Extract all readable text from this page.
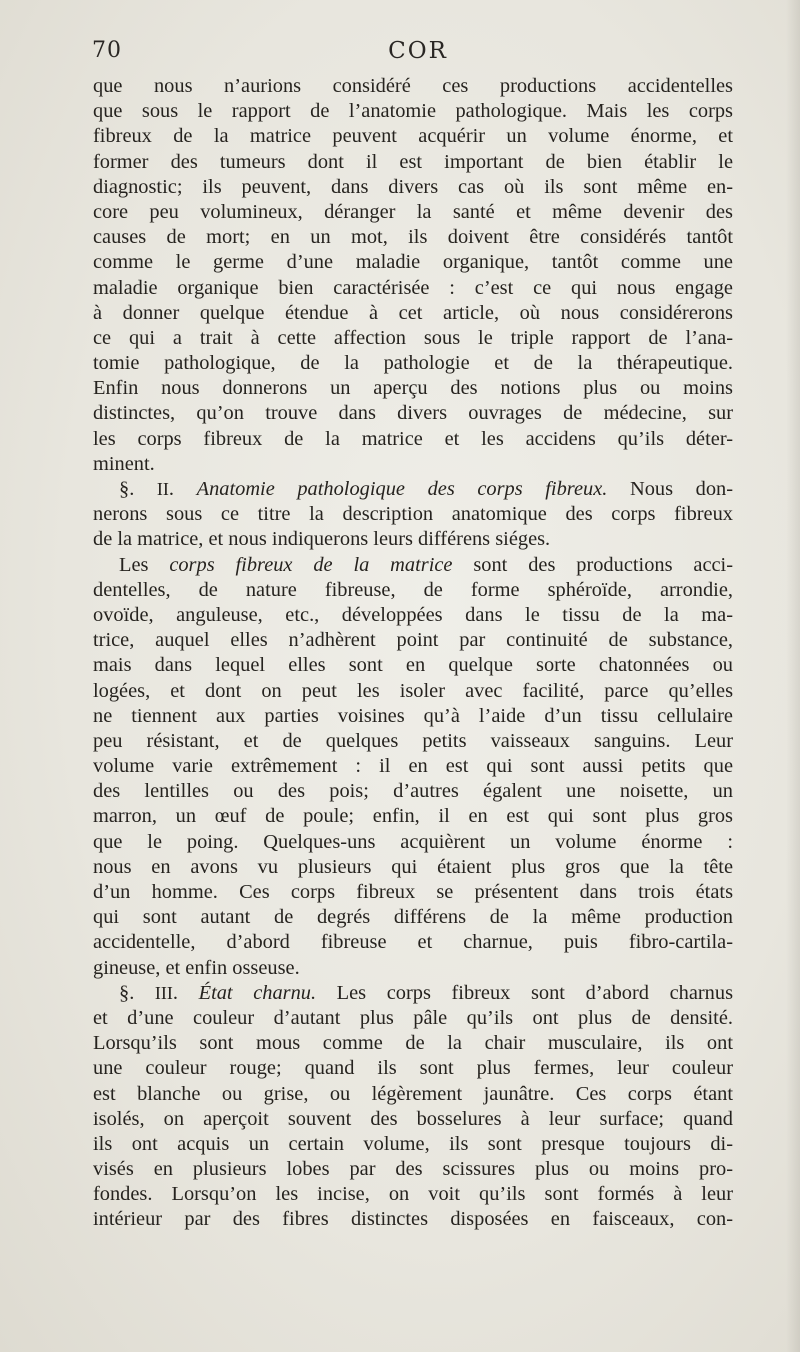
70	COR
que nous n’aurions considéré ces productions accidentelles
que sous le rapport de l’anatomie pathologique. Mais les corps
fibreux de la matrice peuvent acquérir un volume énorme, et
former des tumeurs dont il est important de bien établir le
diagnostic; ils peuvent, dans divers cas où ils sont même en-
core peu volumineux, déranger la santé et même devenir des
causes de mort; en un mot, ils doivent être considérés tantôt
comme le germe d’une maladie organique, tantôt comme une
maladie organique bien caractérisée : c’est ce qui nous engage
à donner quelque étendue à cet article, où nous considérerons
ce qui a trait à cette affection sous le triple rapport de l’ana-
tomie pathologique, de la pathologie et de la thérapeutique.
Enfin nous donnerons un aperçu des notions plus ou moins
distinctes, qu’on trouve dans divers ouvrages de médecine, sur
les corps fibreux de la matrice et les accidens qu’ils déter-
minent.
§. II. Anatomie pathologique des corps fibreux. Nous don-
nerons sous ce titre la description anatomique des corps fibreux
de la matrice, et nous indiquerons leurs différens siéges.
Les corps fibreux de la matrice sont des productions acci-
dentelles, de nature fibreuse, de forme sphéroïde, arrondie,
ovoïde, anguleuse, etc., développées dans le tissu de la ma-
trice, auquel elles n’adhèrent point par continuité de substance,
mais dans lequel elles sont en quelque sorte chatonnées ou
logées, et dont on peut les isoler avec facilité, parce qu’elles
ne tiennent aux parties voisines qu’à l’aide d’un tissu cellulaire
peu résistant, et de quelques petits vaisseaux sanguins. Leur
volume varie extrêmement : il en est qui sont aussi petits que
des lentilles ou des pois; d’autres égalent une noisette, un
marron, un œuf de poule; enfin, il en est qui sont plus gros
que le poing. Quelques-uns acquièrent un volume énorme :
nous en avons vu plusieurs qui étaient plus gros que la tête
d’un homme. Ces corps fibreux se présentent dans trois états
qui sont autant de degrés différens de la même production
accidentelle, d’abord fibreuse et charnue, puis fibro-cartila-
gineuse, et enfin osseuse.
§. III. État charnu. Les corps fibreux sont d’abord charnus
et d’une couleur d’autant plus pâle qu’ils ont plus de densité.
Lorsqu’ils sont mous comme de la chair musculaire, ils ont
une couleur rouge; quand ils sont plus fermes, leur couleur
est blanche ou grise, ou légèrement jaunâtre. Ces corps étant
isolés, on aperçoit souvent des bosselures à leur surface; quand
ils ont acquis un certain volume, ils sont presque toujours di-
visés en plusieurs lobes par des scissures plus ou moins pro-
fondes. Lorsqu’on les incise, on voit qu’ils sont formés à leur
intérieur par des fibres distinctes disposées en faisceaux, con-
